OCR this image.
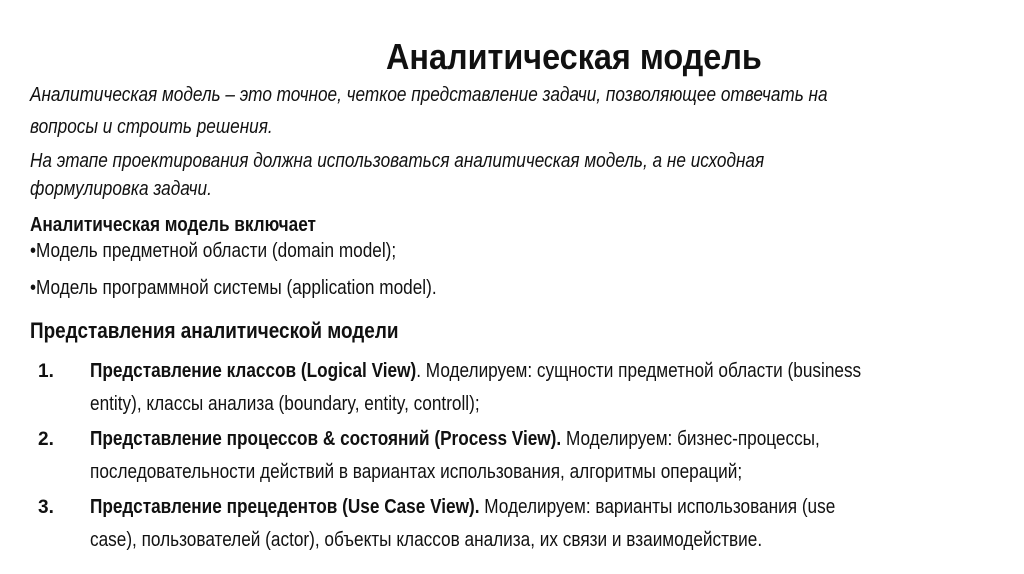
Аналитическая модель
Аналитическая модель – это точное, четкое представление задачи, позволяющее отвечать на
вопросы и строить решения.
На этапе проектирования должна использоваться аналитическая модель, а не исходная
формулировка задачи.
Аналитическая модель включает
•Модель предметной области (domain model);
•Модель программной системы (application model).
Представления аналитической модели
1. Представление классов (Logical View). Моделируем: сущности предметной области (business
entity), классы анализа (boundary, entity, controll);
2. Представление процессов & состояний (Process View). Моделируем: бизнес-процессы,
последовательности действий в вариантах использования, алгоритмы операций;
3. Представление прецедентов (Use Case View). Моделируем: варианты использования (use
case), пользователей (actor), объекты классов анализа, их связи и взаимодействие.
